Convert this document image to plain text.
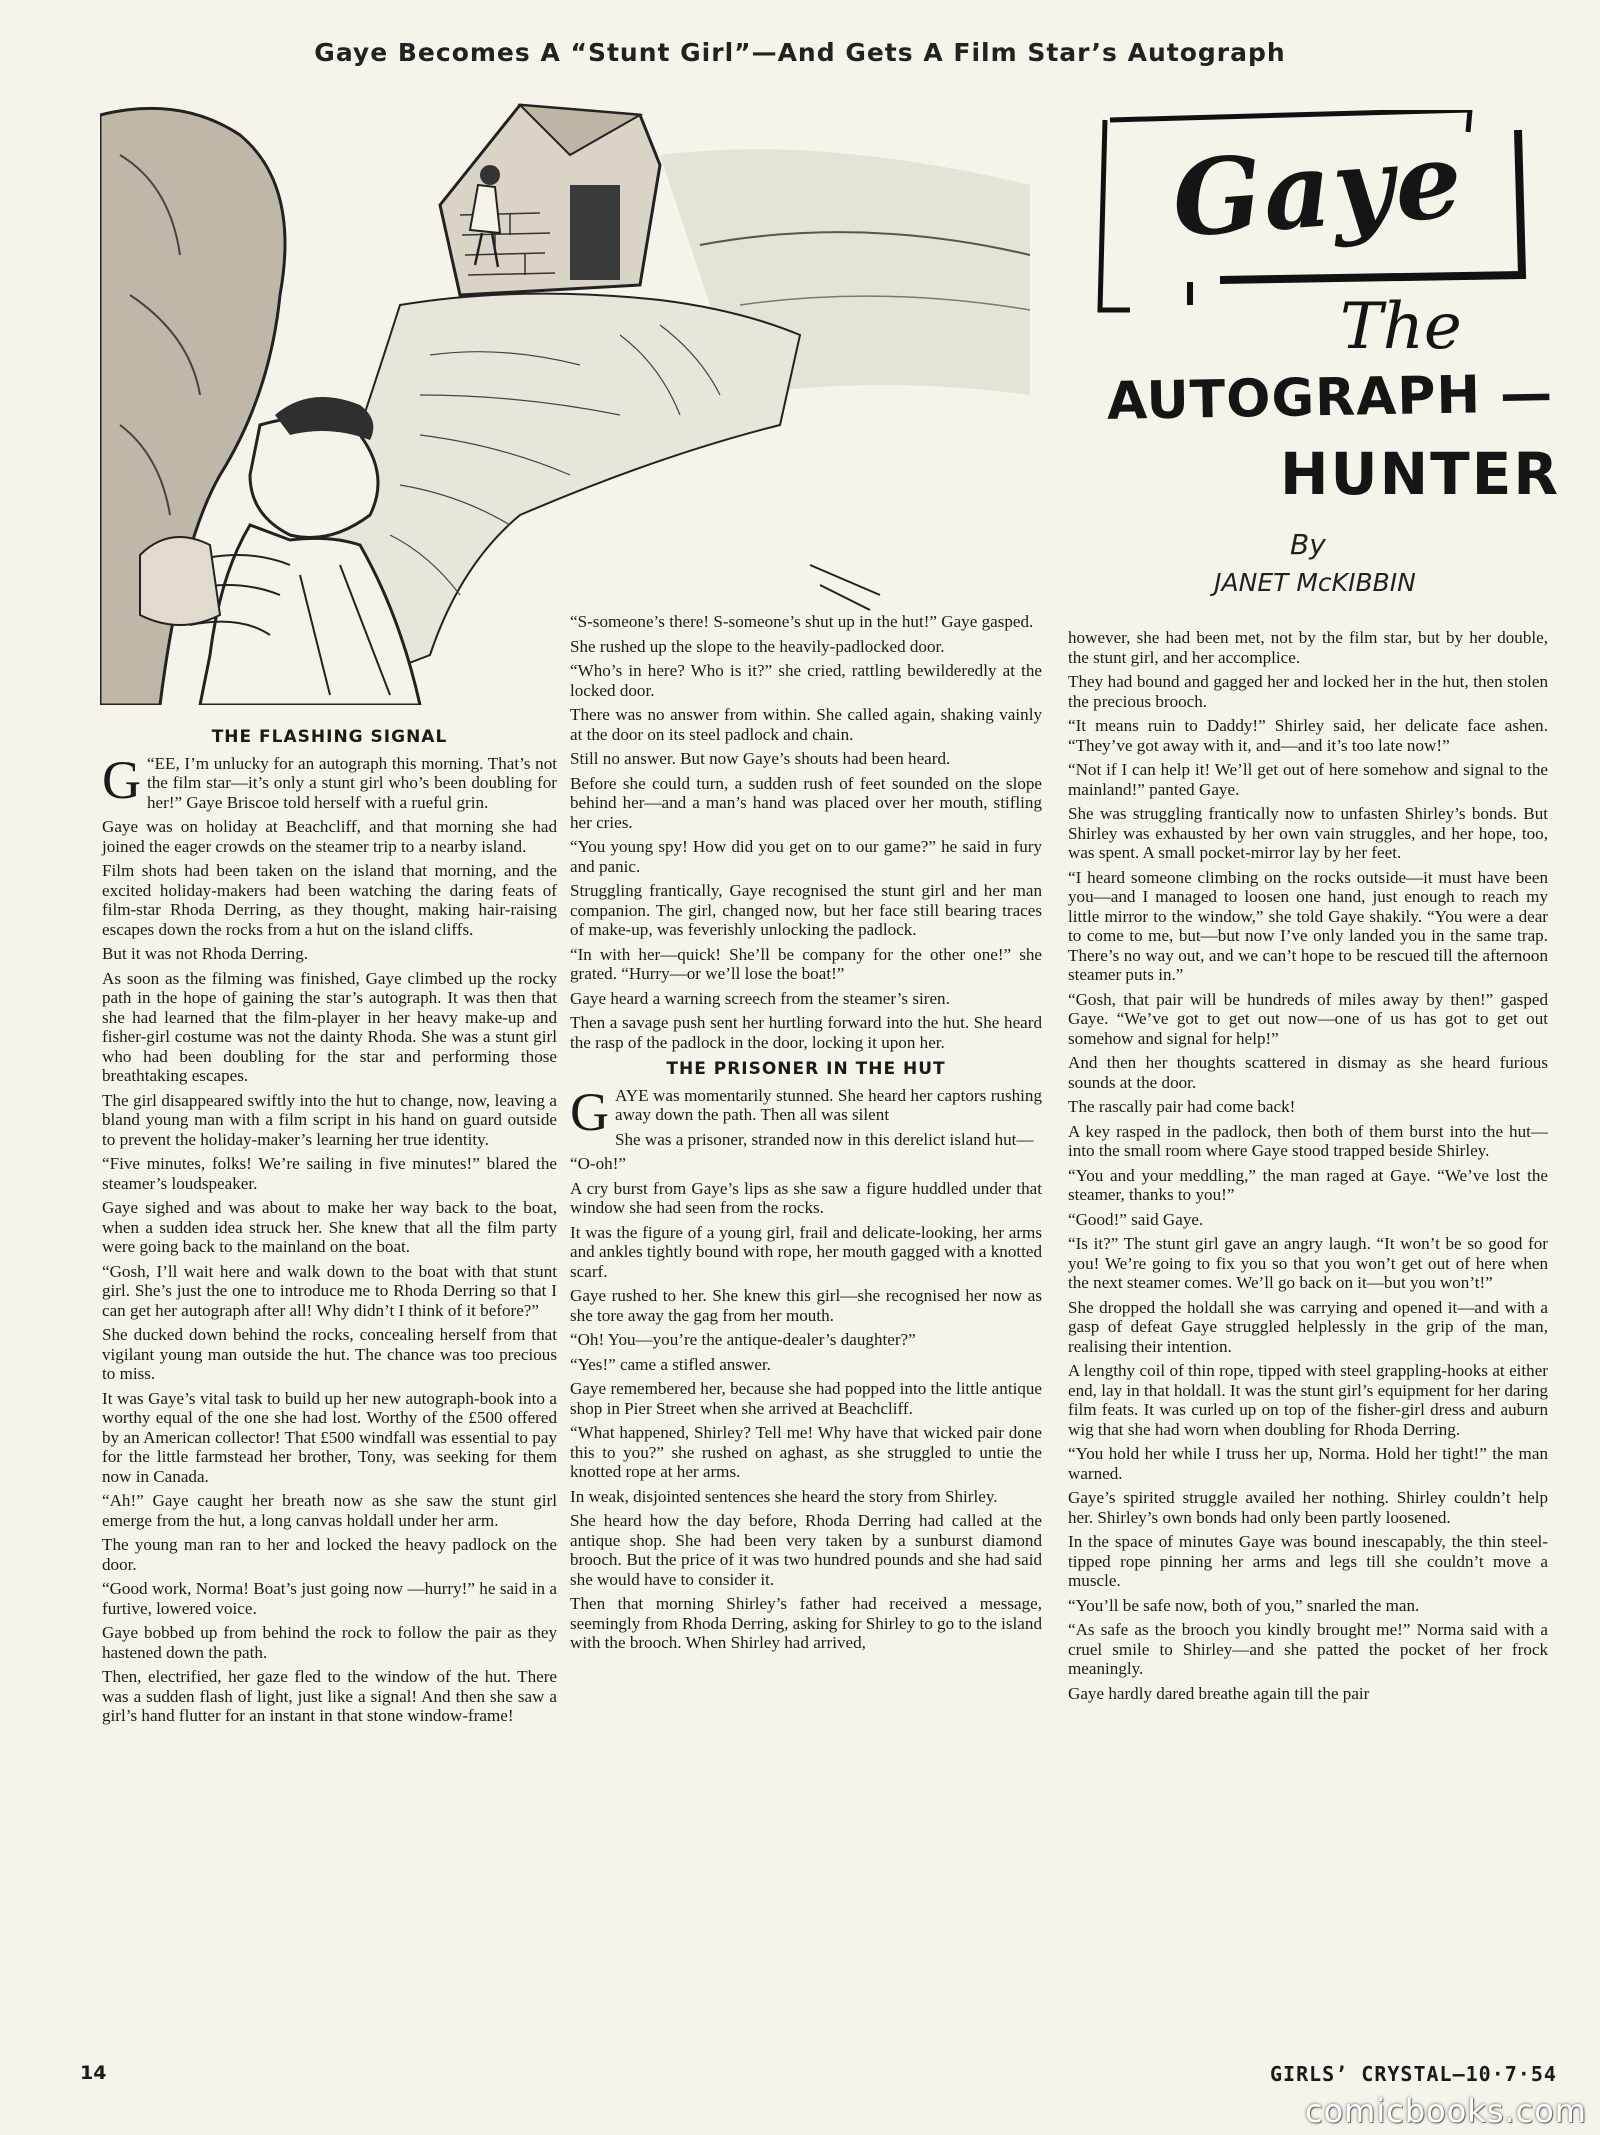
Gaye Becomes A “Stunt Girl”—And Gets A Film Star’s Autograph
Gaye
The
AUTOGRAPH —
HUNTER
By
JANET McKIBBIN
THE FLASHING SIGNAL

G “EE, I’m unlucky for an autograph this morning. That’s not the film star—it’s only a stunt girl who’s been doubling for her!” Gaye Briscoe told herself with a rueful grin.

Gaye was on holiday at Beachcliff, and that morning she had joined the eager crowds on the steamer trip to a nearby island.

Film shots had been taken on the island that morning, and the excited holiday-makers had been watching the daring feats of film-star Rhoda Derring, as they thought, making hair-raising escapes down the rocks from a hut on the island cliffs.

But it was not Rhoda Derring.

As soon as the filming was finished, Gaye climbed up the rocky path in the hope of gaining the star’s autograph. It was then that she had learned that the film-player in her heavy make-up and fisher-girl costume was not the dainty Rhoda. She was a stunt girl who had been doubling for the star and performing those breathtaking escapes.

The girl disappeared swiftly into the hut to change, now, leaving a bland young man with a film script in his hand on guard outside to prevent the holiday-maker’s learning her true identity.

“Five minutes, folks! We’re sailing in five minutes!” blared the steamer’s loudspeaker.

Gaye sighed and was about to make her way back to the boat, when a sudden idea struck her. She knew that all the film party were going back to the mainland on the boat.

“Gosh, I’ll wait here and walk down to the boat with that stunt girl. She’s just the one to introduce me to Rhoda Derring so that I can get her autograph after all! Why didn’t I think of it before?”

She ducked down behind the rocks, concealing herself from that vigilant young man outside the hut. The chance was too precious to miss.

It was Gaye’s vital task to build up her new autograph-book into a worthy equal of the one she had lost. Worthy of the £500 offered by an American collector! That £500 windfall was essential to pay for the little farmstead her brother, Tony, was seeking for them now in Canada.

“Ah!” Gaye caught her breath now as she saw the stunt girl emerge from the hut, a long canvas holdall under her arm.

The young man ran to her and locked the heavy padlock on the door.

“Good work, Norma! Boat’s just going now —hurry!” he said in a furtive, lowered voice.

Gaye bobbed up from behind the rock to follow the pair as they hastened down the path.

Then, electrified, her gaze fled to the window of the hut. There was a sudden flash of light, just like a signal! And then she saw a girl’s hand flutter for an instant in that stone window-frame!

“S-someone’s there! S-someone’s shut up in the hut!” Gaye gasped.

She rushed up the slope to the heavily-padlocked door.

“Who’s in here? Who is it?” she cried, rattling bewilderedly at the locked door.

There was no answer from within. She called again, shaking vainly at the door on its steel padlock and chain.

Still no answer. But now Gaye’s shouts had been heard.

Before she could turn, a sudden rush of feet sounded on the slope behind her—and a man’s hand was placed over her mouth, stifling her cries.

“You young spy! How did you get on to our game?” he said in fury and panic.

Struggling frantically, Gaye recognised the stunt girl and her man companion. The girl, changed now, but her face still bearing traces of make-up, was feverishly unlocking the padlock.

“In with her—quick! She’ll be company for the other one!” she grated. “Hurry—or we’ll lose the boat!”

Gaye heard a warning screech from the steamer’s siren.

Then a savage push sent her hurtling forward into the hut. She heard the rasp of the padlock in the door, locking it upon her.

THE PRISONER IN THE HUT

GAYE was momentarily stunned. She heard her captors rushing away down the path. Then all was silent

She was a prisoner, stranded now in this derelict island hut—

“O-oh!”

A cry burst from Gaye’s lips as she saw a figure huddled under that window she had seen from the rocks.

It was the figure of a young girl, frail and delicate-looking, her arms and ankles tightly bound with rope, her mouth gagged with a knotted scarf.

Gaye rushed to her. She knew this girl—she recognised her now as she tore away the gag from her mouth.

“Oh! You—you’re the antique-dealer’s daughter?”

“Yes!” came a stifled answer.

Gaye remembered her, because she had popped into the little antique shop in Pier Street when she arrived at Beachcliff.

“What happened, Shirley? Tell me! Why have that wicked pair done this to you?” she rushed on aghast, as she struggled to untie the knotted rope at her arms.

In weak, disjointed sentences she heard the story from Shirley.

She heard how the day before, Rhoda Derring had called at the antique shop. She had been very taken by a sunburst diamond brooch. But the price of it was two hundred pounds and she had said she would have to consider it.

Then that morning Shirley’s father had received a message, seemingly from Rhoda Derring, asking for Shirley to go to the island with the brooch. When Shirley had arrived,

however, she had been met, not by the film star, but by her double, the stunt girl, and her accomplice.

They had bound and gagged her and locked her in the hut, then stolen the precious brooch.

“It means ruin to Daddy!” Shirley said, her delicate face ashen. “They’ve got away with it, and—and it’s too late now!”

“Not if I can help it! We’ll get out of here somehow and signal to the mainland!” panted Gaye.

She was struggling frantically now to unfasten Shirley’s bonds. But Shirley was exhausted by her own vain struggles, and her hope, too, was spent. A small pocket-mirror lay by her feet.

“I heard someone climbing on the rocks outside—it must have been you—and I managed to loosen one hand, just enough to reach my little mirror to the window,” she told Gaye shakily. “You were a dear to come to me, but—but now I’ve only landed you in the same trap. There’s no way out, and we can’t hope to be rescued till the afternoon steamer puts in.”

“Gosh, that pair will be hundreds of miles away by then!” gasped Gaye. “We’ve got to get out now—one of us has got to get out somehow and signal for help!”

And then her thoughts scattered in dismay as she heard furious sounds at the door.

The rascally pair had come back!

A key rasped in the padlock, then both of them burst into the hut—into the small room where Gaye stood trapped beside Shirley.

“You and your meddling,” the man raged at Gaye. “We’ve lost the steamer, thanks to you!”

“Good!” said Gaye.

“Is it?” The stunt girl gave an angry laugh. “It won’t be so good for you! We’re going to fix you so that you won’t get out of here when the next steamer comes. We’ll go back on it—but you won’t!”

She dropped the holdall she was carrying and opened it—and with a gasp of defeat Gaye struggled helplessly in the grip of the man, realising their intention.

A lengthy coil of thin rope, tipped with steel grappling-hooks at either end, lay in that holdall. It was the stunt girl’s equipment for her daring film feats. It was curled up on top of the fisher-girl dress and auburn wig that she had worn when doubling for Rhoda Derring.

“You hold her while I truss her up, Norma. Hold her tight!” the man warned.

Gaye’s spirited struggle availed her nothing. Shirley couldn’t help her. Shirley’s own bonds had only been partly loosened.

In the space of minutes Gaye was bound inescapably, the thin steel-tipped rope pinning her arms and legs till she couldn’t move a muscle.

“You’ll be safe now, both of you,” snarled the man.

“As safe as the brooch you kindly brought me!” Norma said with a cruel smile to Shirley—and she patted the pocket of her frock meaningly.

Gaye hardly dared breathe again till the pair

14	GIRLS’ CRYSTAL—10·7·54
comicbooks.com
